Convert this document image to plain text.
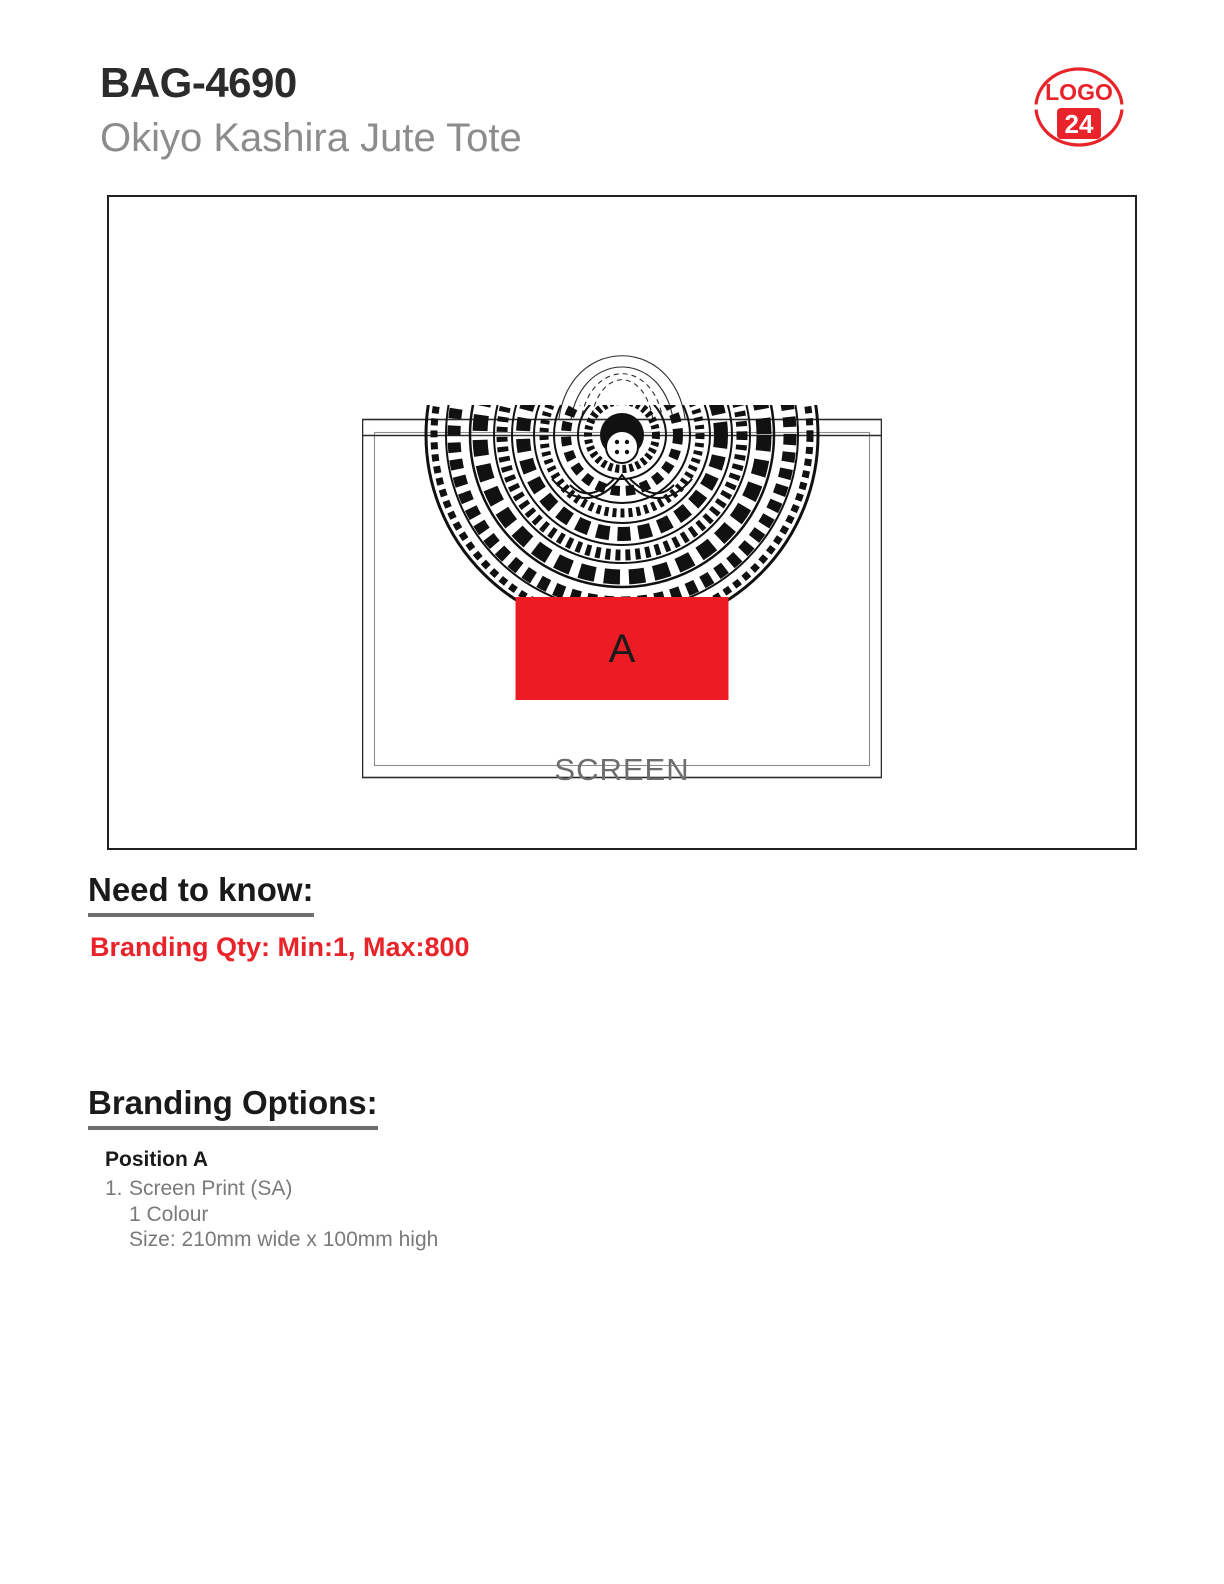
BAG-4690
Okiyo Kashira Jute Tote
LOGO
24
A
SCREEN
Need to know:
Branding Qty: Min:1, Max:800
Branding Options:
Position A
1. Screen Print (SA)
1 Colour
Size: 210mm wide x 100mm high
